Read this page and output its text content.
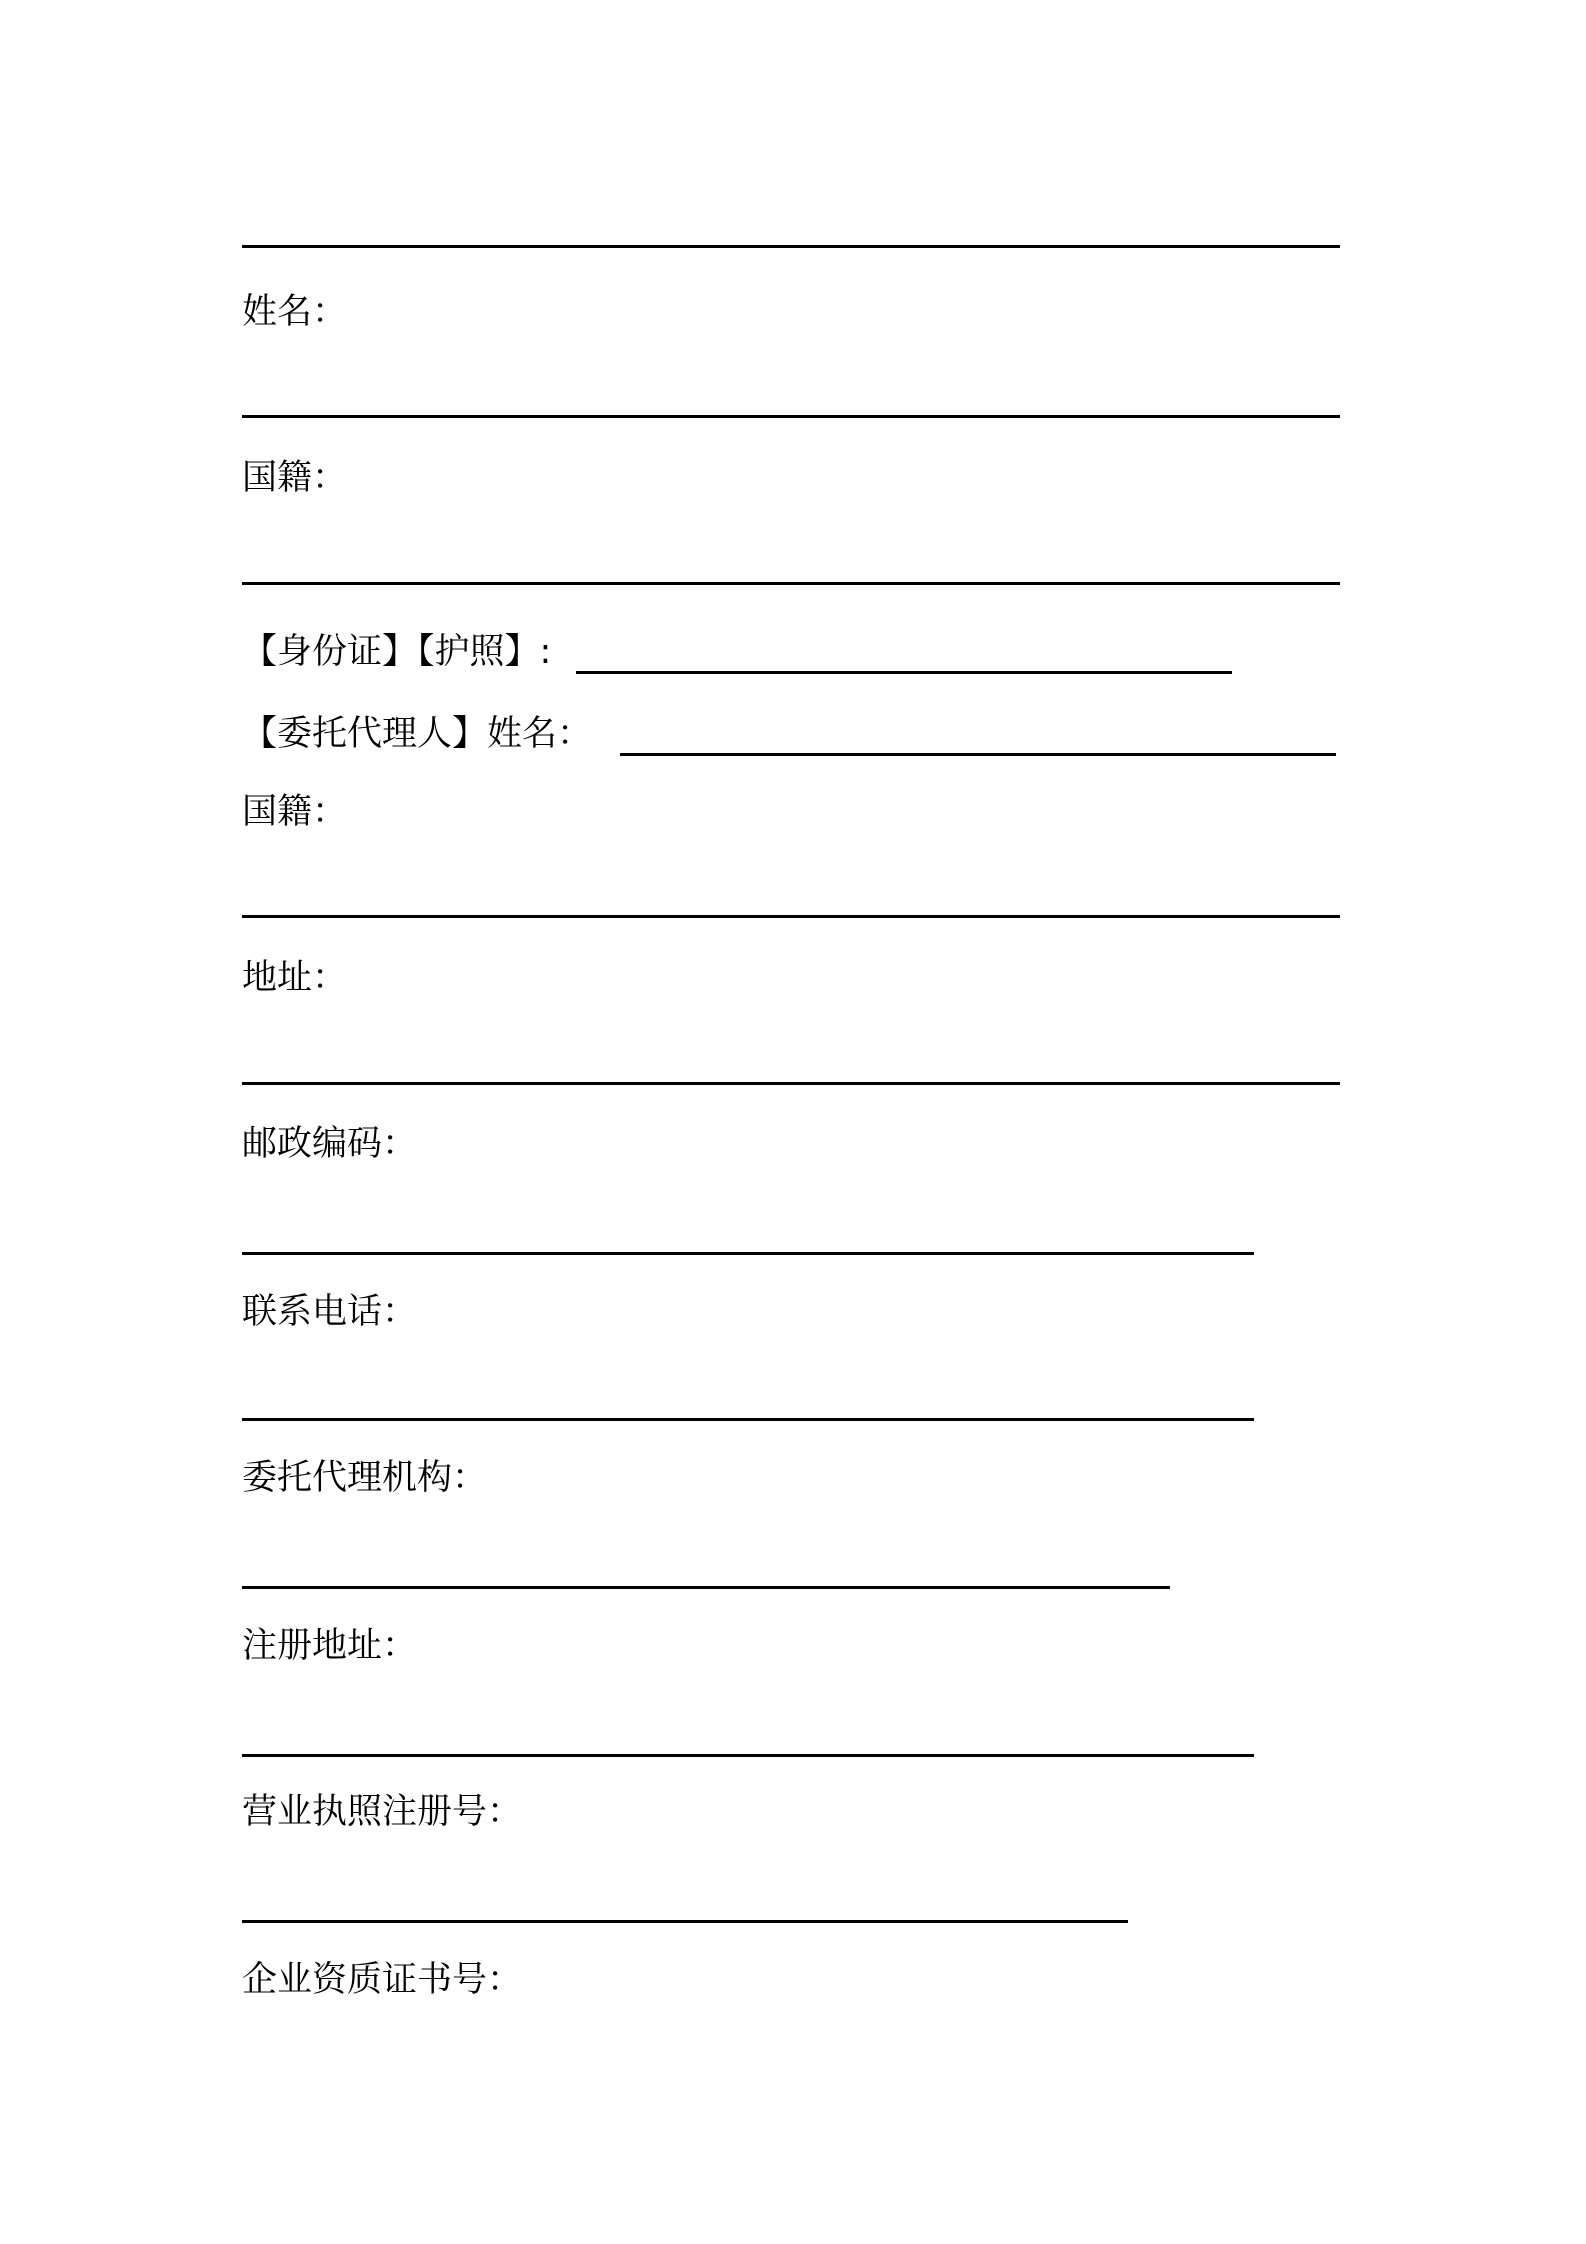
姓名：
国籍：
【身份证】【护照】:
【委托代理人】姓名：
国籍：
地址：
邮政编码：
联系电话：
委托代理机构：
注册地址：
营业执照注册号：
企业资质证书号：
